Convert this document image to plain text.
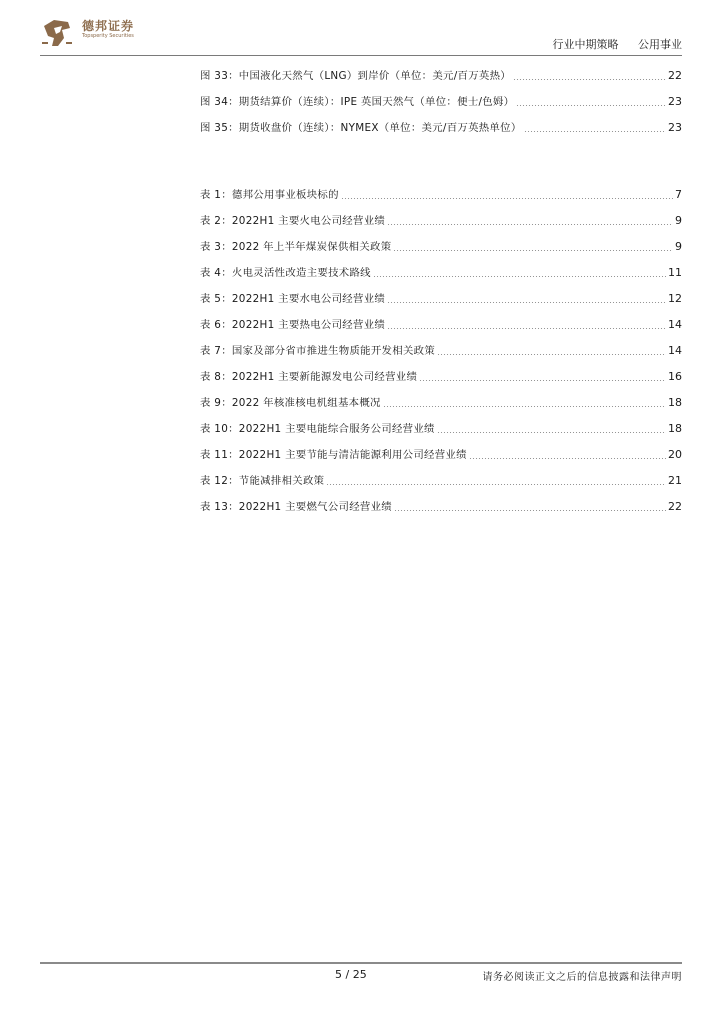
德邦证券
Topsperity Securities
行业中期策略 公用事业
图 33：中国液化天然气（LNG）到岸价（单位：美元/百万英热）	22
图 34：期货结算价（连续）：IPE 英国天然气（单位：便士/色姆）	23
图 35：期货收盘价（连续）：NYMEX（单位：美元/百万英热单位）	23
表 1：德邦公用事业板块标的	7
表 2：2022H1 主要火电公司经营业绩	9
表 3：2022 年上半年煤炭保供相关政策	9
表 4：火电灵活性改造主要技术路线	11
表 5：2022H1 主要水电公司经营业绩	12
表 6：2022H1 主要热电公司经营业绩	14
表 7：国家及部分省市推进生物质能开发相关政策	14
表 8：2022H1 主要新能源发电公司经营业绩	16
表 9：2022 年核准核电机组基本概况	18
表 10：2022H1 主要电能综合服务公司经营业绩	18
表 11：2022H1 主要节能与清洁能源利用公司经营业绩	20
表 12：节能减排相关政策	21
表 13：2022H1 主要燃气公司经营业绩	22
5 / 25	请务必阅读正文之后的信息披露和法律声明
